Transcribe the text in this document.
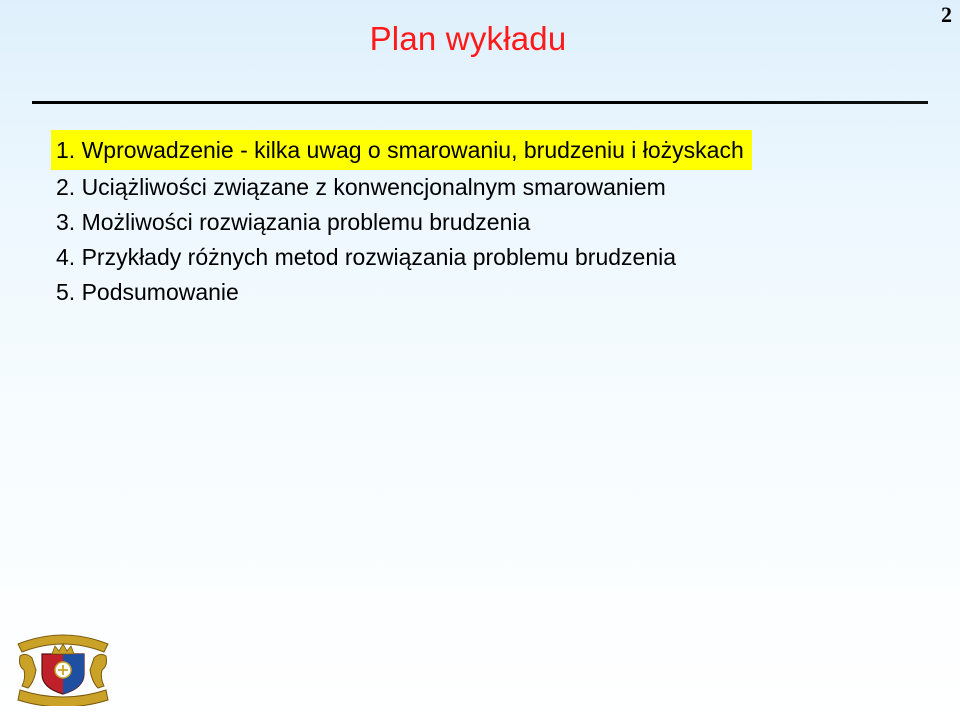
2
Plan wykładu
1. Wprowadzenie - kilka uwag o smarowaniu, brudzeniu i łożyskach
2. Uciążliwości związane z konwencjonalnym smarowaniem
3. Możliwości rozwiązania problemu brudzenia
4. Przykłady różnych metod rozwiązania problemu brudzenia
5. Podsumowanie
